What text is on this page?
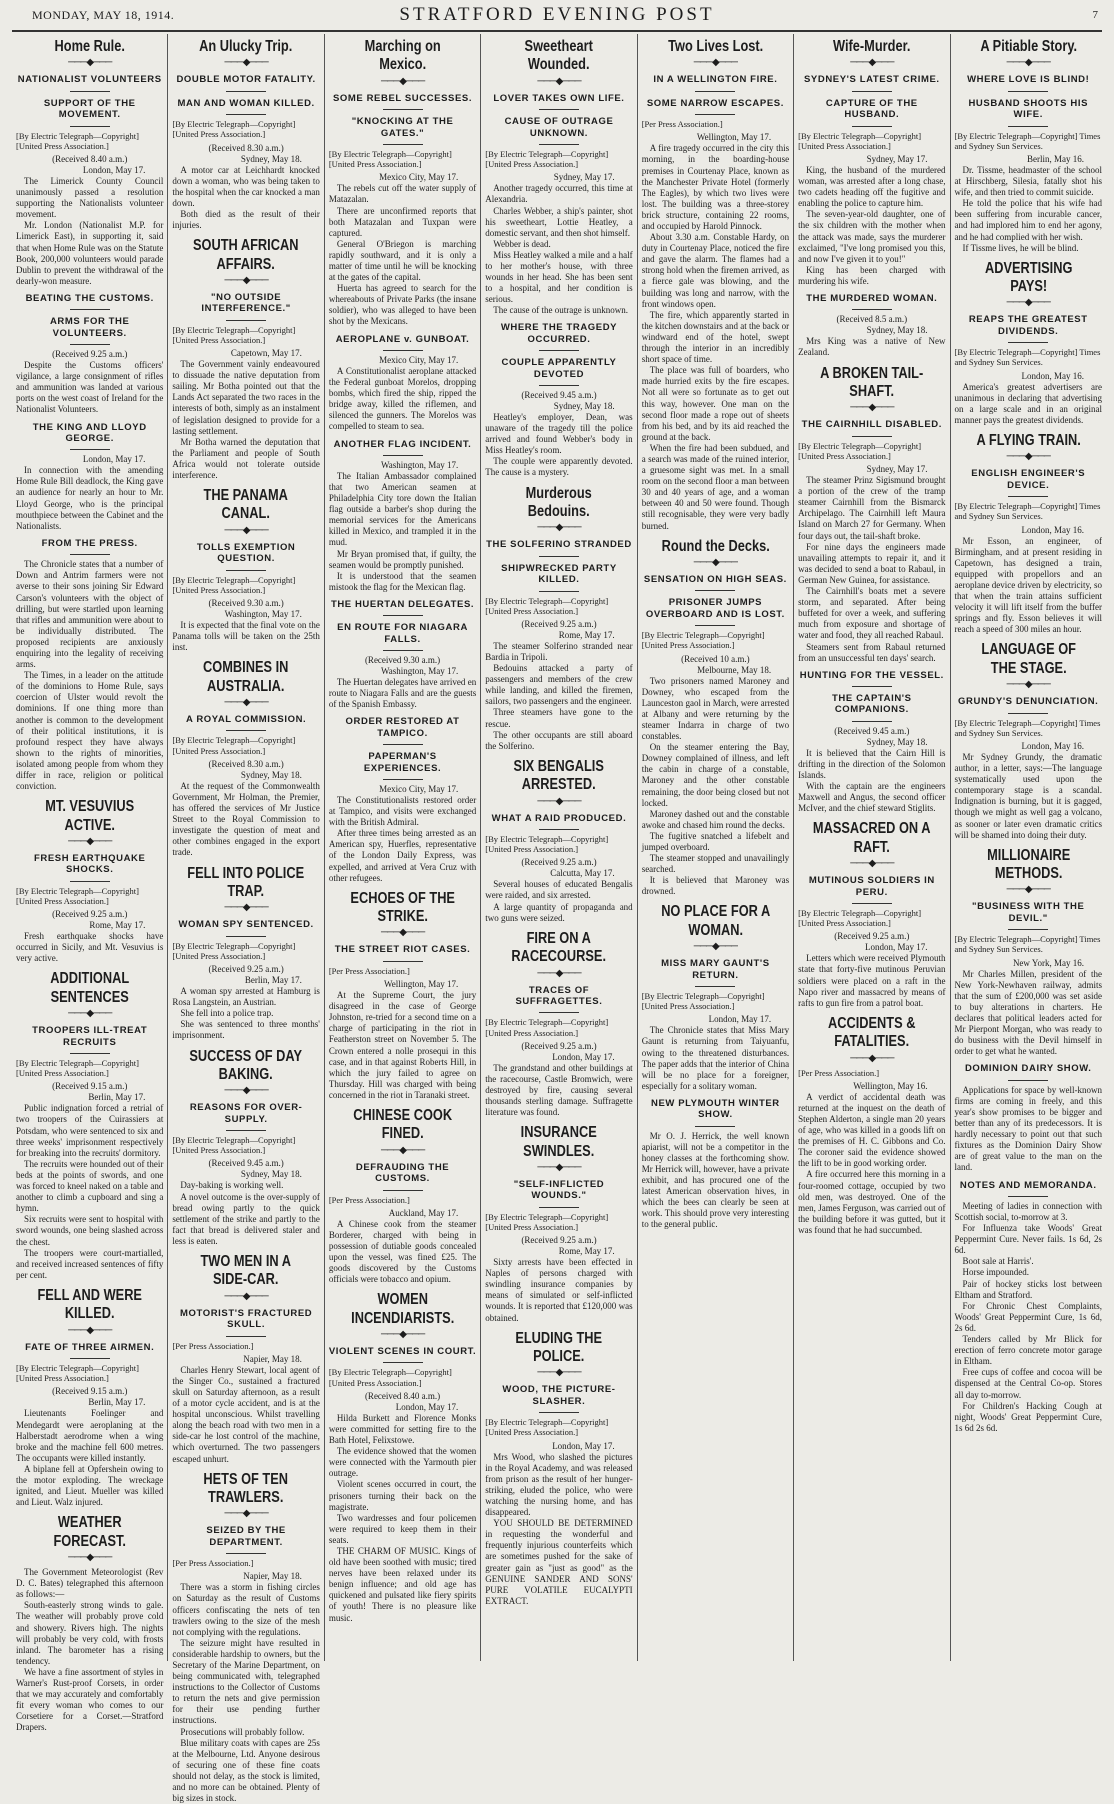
MONDAY, MAY 18, 1914.	STRATFORD EVENING POST	7
Home Rule.
───◆───
NATIONALIST VOLUNTEERS
SUPPORT OF THE MOVEMENT.
[By Electric Telegraph—Copyright] [United Press Association.]
(Received 8.40 a.m.)
London, May 17.

The Limerick County Council unanimously passed a resolution supporting the Nationalists volunteer movement.

Mr. London (Nationalist M.P. for Limerick East), in supporting it, said that when Home Rule was on the Statute Book, 200,000 volunteers would parade Dublin to prevent the withdrawal of the dearly-won measure.

BEATING THE CUSTOMS.
ARMS FOR THE VOLUNTEERS.
(Received 9.25 a.m.)

Despite the Customs officers' vigilance, a large consignment of rifles and ammunition was landed at various ports on the west coast of Ireland for the Nationalist Volunteers.

THE KING AND LLOYD GEORGE.
London, May 17.

In connection with the amending Home Rule Bill deadlock, the King gave an audience for nearly an hour to Mr. Lloyd George, who is the principal mouthpiece between the Cabinet and the Nationalists.

FROM THE PRESS.

The Chronicle states that a number of Down and Antrim farmers were not averse to their sons joining Sir Edward Carson's volunteers with the object of drilling, but were startled upon learning that rifles and ammunition were about to be individually distributed. The proposed recipients are anxiously enquiring into the legality of receiving arms.

The Times, in a leader on the attitude of the dominions to Home Rule, says coercion of Ulster would revolt the dominions. If one thing more than another is common to the development of their political institutions, it is profound respect they have always shown to the rights of minorities, isolated among people from whom they differ in race, religion or political conviction.

MT. VESUVIUS ACTIVE.
───◆───
FRESH EARTHQUAKE SHOCKS.
[By Electric Telegraph—Copyright] [United Press Association.]
(Received 9.25 a.m.)
Rome, May 17.

Fresh earthquake shocks have occurred in Sicily, and Mt. Vesuvius is very active.

ADDITIONAL SENTENCES
───◆───
TROOPERS ILL-TREAT RECRUITS
[By Electric Telegraph—Copyright] [United Press Association.]
(Received 9.15 a.m.)
Berlin, May 17.

Public indignation forced a retrial of two troopers of the Cuirassiers at Potsdam, who were sentenced to six and three weeks' imprisonment respectively for breaking into the recruits' dormitory.

The recruits were hounded out of their beds at the points of swords, and one was forced to kneel naked on a table and another to climb a cupboard and sing a hymn.

Six recruits were sent to hospital with sword wounds, one being slashed across the chest.

The troopers were court-martialled, and received increased sentences of fifty per cent.

FELL AND WERE KILLED.
───◆───
FATE OF THREE AIRMEN.
[By Electric Telegraph—Copyright] [United Press Association.]
(Received 9.15 a.m.)
Berlin, May 17.

Lieutenants Foelinger and Mendegardt were aeroplaning at the Halberstadt aerodrome when a wing broke and the machine fell 600 metres. The occupants were killed instantly.

A biplane fell at Opfershein owing to the motor exploding. The wreckage ignited, and Lieut. Mueller was killed and Lieut. Walz injured.

WEATHER FORECAST.
───◆───

The Government Meteorologist (Rev D. C. Bates) telegraphed this afternoon as follows:—

South-easterly strong winds to gale. The weather will probably prove cold and showery. Rivers high. The nights will probably be very cold, with frosts inland. The barometer has a rising tendency.

We have a fine assortment of styles in Warner's Rust-proof Corsets, in order that we may accurately and comfortably fit every woman who comes to our Corsetiere for a Corset.—Stratford Drapers.

An Ulucky Trip.
───◆───
DOUBLE MOTOR FATALITY.
MAN AND WOMAN KILLED.
[By Electric Telegraph—Copyright] [United Press Association.]
(Received 8.30 a.m.)
Sydney, May 18.

A motor car at Leichhardt knocked down a woman, who was being taken to the hospital when the car knocked a man down.

Both died as the result of their injuries.

SOUTH AFRICAN AFFAIRS.
───◆───
"NO OUTSIDE INTERFERENCE."
[By Electric Telegraph—Copyright] [United Press Association.]
Capetown, May 17.

The Government vainly endeavoured to dissuade the native deputation from sailing. Mr Botha pointed out that the Lands Act separated the two races in the interests of both, simply as an instalment of legislation designed to provide for a lasting settlement.

Mr Botha warned the deputation that the Parliament and people of South Africa would not tolerate outside interference.

THE PANAMA CANAL.
───◆───
TOLLS EXEMPTION QUESTION.
[By Electric Telegraph—Copyright] [United Press Association.]
(Received 9.30 a.m.)
Washington, May 17.

It is expected that the final vote on the Panama tolls will be taken on the 25th inst.

COMBINES IN AUSTRALIA.
───◆───
A ROYAL COMMISSION.
[By Electric Telegraph—Copyright] [United Press Association.]
(Received 8.30 a.m.)
Sydney, May 18.

At the request of the Commonwealth Government, Mr Holman, the Premier, has offered the services of Mr Justice Street to the Royal Commission to investigate the question of meat and other combines engaged in the export trade.

FELL INTO POLICE TRAP.
───◆───
WOMAN SPY SENTENCED.
[By Electric Telegraph—Copyright] [United Press Association.]
(Received 9.25 a.m.)
Berlin, May 17.

A woman spy arrested at Hamburg is Rosa Langstein, an Austrian.

She fell into a police trap.

She was sentenced to three months' imprisonment.

SUCCESS OF DAY BAKING.
───◆───
REASONS FOR OVER-SUPPLY.
[By Electric Telegraph—Copyright] [United Press Association.]
(Received 9.45 a.m.)
Sydney, May 18.

Day-baking is working well.

A novel outcome is the over-supply of bread owing partly to the quick settlement of the strike and partly to the fact that bread is delivered staler and less is eaten.

TWO MEN IN A SIDE-CAR.
───◆───
MOTORIST'S FRACTURED SKULL.
[Per Press Association.]
Napier, May 18.

Charles Henry Stewart, local agent of the Singer Co., sustained a fractured skull on Saturday afternoon, as a result of a motor cycle accident, and is at the hospital unconscious. Whilst travelling along the beach road with two men in a side-car he lost control of the machine, which overturned. The two passengers escaped unhurt.

HETS OF TEN TRAWLERS.
───◆───
SEIZED BY THE DEPARTMENT.
[Per Press Association.]
Napier, May 18.

There was a storm in fishing circles on Saturday as the result of Customs officers confiscating the nets of ten trawlers owing to the size of the mesh not complying with the regulations.

The seizure might have resulted in considerable hardship to owners, but the Secretary of the Marine Department, on being communicated with, telegraphed instructions to the Collector of Customs to return the nets and give permission for their use pending further instructions.

Prosecutions will probably follow.

Blue military coats with capes are 25s at the Melbourne, Ltd. Anyone desirous of securing one of these fine coats should not delay, as the stock is limited, and no more can be obtained. Plenty of big sizes in stock.

Marching on Mexico.
───◆───
SOME REBEL SUCCESSES.
"KNOCKING AT THE GATES."
[By Electric Telegraph—Copyright] [United Press Association.]
Mexico City, May 17.

The rebels cut off the water supply of Matazalan.

There are unconfirmed reports that both Matazalan and Tuxpan were captured.

General O'Briegon is marching rapidly southward, and it is only a matter of time until he will be knocking at the gates of the capital.

Huerta has agreed to search for the whereabouts of Private Parks (the insane soldier), who was alleged to have been shot by the Mexicans.

AEROPLANE v. GUNBOAT.
Mexico City, May 17.

A Constitutionalist aeroplane attacked the Federal gunboat Morelos, dropping bombs, which fired the ship, ripped the bridge away, killed the riflemen, and silenced the gunners. The Morelos was compelled to steam to sea.

ANOTHER FLAG INCIDENT.
Washington, May 17.

The Italian Ambassador complained that two American seamen at Philadelphia City tore down the Italian flag outside a barber's shop during the memorial services for the Americans killed in Mexico, and trampled it in the mud.

Mr Bryan promised that, if guilty, the seamen would be promptly punished.

It is understood that the seamen mistook the flag for the Mexican flag.

THE HUERTAN DELEGATES.
EN ROUTE FOR NIAGARA FALLS.
(Received 9.30 a.m.)
Washington, May 17.

The Huertan delegates have arrived en route to Niagara Falls and are the guests of the Spanish Embassy.

ORDER RESTORED AT TAMPICO.
PAPERMAN'S EXPERIENCES.
Mexico City, May 17.

The Constitutionalists restored order at Tampico, and visits were exchanged with the British Admiral.

After three times being arrested as an American spy, Huerfles, representative of the London Daily Express, was expelled, and arrived at Vera Cruz with other refugees.

ECHOES OF THE STRIKE.
───◆───
THE STREET RIOT CASES.
[Per Press Association.]
Wellington, May 17.

At the Supreme Court, the jury disagreed in the case of George Johnston, re-tried for a second time on a charge of participating in the riot in Featherston street on November 5. The Crown entered a nolle prosequi in this case, and in that against Roberts Hill, in which the jury failed to agree on Thursday. Hill was charged with being concerned in the riot in Taranaki street.

CHINESE COOK FINED.
───◆───
DEFRAUDING THE CUSTOMS.
[Per Press Association.]
Auckland, May 17.

A Chinese cook from the steamer Borderer, charged with being in possession of dutiable goods concealed upon the vessel, was fined £25. The goods discovered by the Customs officials were tobacco and opium.

WOMEN INCENDIARISTS.
───◆───
VIOLENT SCENES IN COURT.
[By Electric Telegraph—Copyright] [United Press Association.]
(Received 8.40 a.m.)
London, May 17.

Hilda Burkett and Florence Monks were committed for setting fire to the Bath Hotel, Felixstowe.

The evidence showed that the women were connected with the Yarmouth pier outrage.

Violent scenes occurred in court, the prisoners turning their back on the magistrate.

Two wardresses and four policemen were required to keep them in their seats.

THE CHARM OF MUSIC. Kings of old have been soothed with music; tired nerves have been relaxed under its benign influence; and old age has quickened and pulsated like fiery spirits of youth! There is no pleasure like music.

Sweetheart Wounded.
───◆───
LOVER TAKES OWN LIFE.
CAUSE OF OUTRAGE UNKNOWN.
[By Electric Telegraph—Copyright] [United Press Association.]
Sydney, May 17.

Another tragedy occurred, this time at Alexandria.

Charles Webber, a ship's painter, shot his sweetheart, Lottie Heatley, a domestic servant, and then shot himself.

Webber is dead.

Miss Heatley walked a mile and a half to her mother's house, with three wounds in her head. She has been sent to a hospital, and her condition is serious.

The cause of the outrage is unknown.

WHERE THE TRAGEDY OCCURRED.
COUPLE APPARENTLY DEVOTED
(Received 9.45 a.m.)
Sydney, May 18.

Heatley's employer, Dean, was unaware of the tragedy till the police arrived and found Webber's body in Miss Heatley's room.

The couple were apparently devoted. The cause is a mystery.

Murderous Bedouins.
───◆───
THE SOLFERINO STRANDED
SHIPWRECKED PARTY KILLED.
[By Electric Telegraph—Copyright] [United Press Association.]
(Received 9.25 a.m.)
Rome, May 17.

The steamer Solferino stranded near Bardia in Tripoli.

Bedouins attacked a party of passengers and members of the crew while landing, and killed the firemen, sailors, two passengers and the engineer.

Three steamers have gone to the rescue.

The other occupants are still aboard the Solferino.

SIX BENGALIS ARRESTED.
───◆───
WHAT A RAID PRODUCED.
[By Electric Telegraph—Copyright] [United Press Association.]
(Received 9.25 a.m.)
Calcutta, May 17.

Several houses of educated Bengalis were raided, and six arrested.

A large quantity of propaganda and two guns were seized.

FIRE ON A RACECOURSE.
───◆───
TRACES OF SUFFRAGETTES.
[By Electric Telegraph—Copyright] [United Press Association.]
(Received 9.25 a.m.)
London, May 17.

The grandstand and other buildings at the racecourse, Castle Bromwich, were destroyed by fire, causing several thousands sterling damage. Suffragette literature was found.

INSURANCE SWINDLES.
───◆───
"SELF-INFLICTED WOUNDS."
[By Electric Telegraph—Copyright] [United Press Association.]
(Received 9.25 a.m.)
Rome, May 17.

Sixty arrests have been effected in Naples of persons charged with swindling insurance companies by means of simulated or self-inflicted wounds. It is reported that £120,000 was obtained.

ELUDING THE POLICE.
───◆───
WOOD, THE PICTURE-SLASHER.
[By Electric Telegraph—Copyright] [United Press Association.]
London, May 17.

Mrs Wood, who slashed the pictures in the Royal Academy, and was released from prison as the result of her hunger-striking, eluded the police, who were watching the nursing home, and has disappeared.

YOU SHOULD BE DETERMINED in requesting the wonderful and frequently injurious counterfeits which are sometimes pushed for the sake of greater gain as "just as good" as the GENUINE SANDER AND SONS' PURE VOLATILE EUCALYPTI EXTRACT.

Two Lives Lost.
───◆───
IN A WELLINGTON FIRE.
SOME NARROW ESCAPES.
[Per Press Association.]
Wellington, May 17.

A fire tragedy occurred in the city this morning, in the boarding-house premises in Courtenay Place, known as the Manchester Private Hotel (formerly The Eagles), by which two lives were lost. The building was a three-storey brick structure, containing 22 rooms, and occupied by Harold Pinnock.

About 3.30 a.m. Constable Hardy, on duty in Courtenay Place, noticed the fire and gave the alarm. The flames had a strong hold when the firemen arrived, as a fierce gale was blowing, and the building was long and narrow, with the front windows open.

The fire, which apparently started in the kitchen downstairs and at the back or windward end of the hotel, swept through the interior in an incredibly short space of time.

The place was full of boarders, who made hurried exits by the fire escapes. Not all were so fortunate as to get out this way, however. One man on the second floor made a rope out of sheets from his bed, and by its aid reached the ground at the back.

When the fire had been subdued, and a search was made of the ruined interior, a gruesome sight was met. In a small room on the second floor a man between 30 and 40 years of age, and a woman between 40 and 50 were found. Though still recognisable, they were very badly burned.

Round the Decks.
───◆───
SENSATION ON HIGH SEAS.
PRISONER JUMPS OVERBOARD AND IS LOST.
[By Electric Telegraph—Copyright] [United Press Association.]
(Received 10 a.m.)
Melbourne, May 18.

Two prisoners named Maroney and Downey, who escaped from the Launceston gaol in March, were arrested at Albany and were returning by the steamer Indarra in charge of two constables.

On the steamer entering the Bay, Downey complained of illness, and left the cabin in charge of a constable, Maroney and the other constable remaining, the door being closed but not locked.

Maroney dashed out and the constable awoke and chased him round the decks.

The fugitive snatched a lifebelt and jumped overboard.

The steamer stopped and unavailingly searched.

It is believed that Maroney was drowned.

NO PLACE FOR A WOMAN.
───◆───
MISS MARY GAUNT'S RETURN.
[By Electric Telegraph—Copyright] [United Press Association.]
London, May 17.

The Chronicle states that Miss Mary Gaunt is returning from Taiyuanfu, owing to the threatened disturbances. The paper adds that the interior of China will be no place for a foreigner, especially for a solitary woman.

NEW PLYMOUTH WINTER SHOW.

Mr O. J. Herrick, the well known apiarist, will not be a competitor in the honey classes at the forthcoming show. Mr Herrick will, however, have a private exhibit, and has procured one of the latest American observation hives, in which the bees can clearly be seen at work. This should prove very interesting to the general public.

Wife-Murder.
───◆───
SYDNEY'S LATEST CRIME.
CAPTURE OF THE HUSBAND.
[By Electric Telegraph—Copyright] [United Press Association.]
Sydney, May 17.

King, the husband of the murdered woman, was arrested after a long chase, two cadets heading off the fugitive and enabling the police to capture him.

The seven-year-old daughter, one of the six children with the mother when the attack was made, says the murderer exclaimed, "I've long promised you this, and now I've given it to you!"

King has been charged with murdering his wife.

THE MURDERED WOMAN.
(Received 8.5 a.m.)
Sydney, May 18.

Mrs King was a native of New Zealand.

A BROKEN TAIL-SHAFT.
───◆───
THE CAIRNHILL DISABLED.
[By Electric Telegraph—Copyright] [United Press Association.]
Sydney, May 17.

The steamer Prinz Sigismund brought a portion of the crew of the tramp steamer Cairnhill from the Bismarck Archipelago. The Cairnhill left Maura Island on March 27 for Germany. When four days out, the tail-shaft broke.

For nine days the engineers made unavailing attempts to repair it, and it was decided to send a boat to Rabaul, in German New Guinea, for assistance.

The Cairnhill's boats met a severe storm, and separated. After being buffeted for over a week, and suffering much from exposure and shortage of water and food, they all reached Rabaul.

Steamers sent from Rabaul returned from an unsuccessful ten days' search.

HUNTING FOR THE VESSEL.
THE CAPTAIN'S COMPANIONS.
(Received 9.45 a.m.)
Sydney, May 18.

It is believed that the Cairn Hill is drifting in the direction of the Solomon Islands.

With the captain are the engineers Maxwell and Angus, the second officer McIver, and the chief steward Stiglits.

MASSACRED ON A RAFT.
───◆───
MUTINOUS SOLDIERS IN PERU.
[By Electric Telegraph—Copyright] [United Press Association.]
(Received 9.25 a.m.)
London, May 17.

Letters which were received Plymouth state that forty-five mutinous Peruvian soldiers were placed on a raft in the Napo river and massacred by means of rafts to gun fire from a patrol boat.

ACCIDENTS & FATALITIES.
───◆───
[Per Press Association.]
Wellington, May 16.

A verdict of accidental death was returned at the inquest on the death of Stephen Alderton, a single man 20 years of age, who was killed in a goods lift on the premises of H. C. Gibbons and Co. The coroner said the evidence showed the lift to be in good working order.

A fire occurred here this morning in a four-roomed cottage, occupied by two old men, was destroyed. One of the men, James Ferguson, was carried out of the building before it was gutted, but it was found that he had succumbed.

A Pitiable Story.
───◆───
WHERE LOVE IS BLIND!
HUSBAND SHOOTS HIS WIFE.
[By Electric Telegraph—Copyright] Times and Sydney Sun Services.
Berlin, May 16.

Dr. Tissme, headmaster of the school at Hirschberg, Silesia, fatally shot his wife, and then tried to commit suicide.

He told the police that his wife had been suffering from incurable cancer, and had implored him to end her agony, and he had complied with her wish.

If Tissme lives, he will be blind.

ADVERTISING PAYS!
───◆───
REAPS THE GREATEST DIVIDENDS.
[By Electric Telegraph—Copyright] Times and Sydney Sun Services.
London, May 16.

America's greatest advertisers are unanimous in declaring that advertising on a large scale and in an original manner pays the greatest dividends.

A FLYING TRAIN.
───◆───
ENGLISH ENGINEER'S DEVICE.
[By Electric Telegraph—Copyright] Times and Sydney Sun Services.
London, May 16.

Mr Esson, an engineer, of Birmingham, and at present residing in Capetown, has designed a train, equipped with propellors and an aeroplane device driven by electricity, so that when the train attains sufficient velocity it will lift itself from the buffer springs and fly. Esson believes it will reach a speed of 300 miles an hour.

LANGUAGE OF THE STAGE.
───◆───
GRUNDY'S DENUNCIATION.
[By Electric Telegraph—Copyright] Times and Sydney Sun Services.
London, May 16.

Mr Sydney Grundy, the dramatic author, in a letter, says:—The language systematically used upon the contemporary stage is a scandal. Indignation is burning, but it is gagged, though we might as well gag a volcano, as sooner or later even dramatic critics will be shamed into doing their duty.

MILLIONAIRE METHODS.
───◆───
"BUSINESS WITH THE DEVIL."
[By Electric Telegraph—Copyright] Times and Sydney Sun Services.
New York, May 16.

Mr Charles Millen, president of the New York-Newhaven railway, admits that the sum of £200,000 was set aside to buy alterations in charters. He declares that political leaders acted for Mr Pierpont Morgan, who was ready to do business with the Devil himself in order to get what he wanted.

DOMINION DAIRY SHOW.

Applications for space by well-known firms are coming in freely, and this year's show promises to be bigger and better than any of its predecessors. It is hardly necessary to point out that such fixtures as the Dominion Dairy Show are of great value to the man on the land.

NOTES AND MEMORANDA.

Meeting of ladies in connection with Scottish social, to-morrow at 3.

For Influenza take Woods' Great Peppermint Cure. Never fails. 1s 6d, 2s 6d.

Boot sale at Harris'.

Horse impounded.

Pair of hockey sticks lost between Eltham and Stratford.

For Chronic Chest Complaints, Woods' Great Peppermint Cure, 1s 6d, 2s 6d.

Tenders called by Mr Blick for erection of ferro concrete motor garage in Eltham.

Free cups of coffee and cocoa will be dispensed at the Central Co-op. Stores all day to-morrow.

For Children's Hacking Cough at night, Woods' Great Peppermint Cure, 1s 6d 2s 6d.
